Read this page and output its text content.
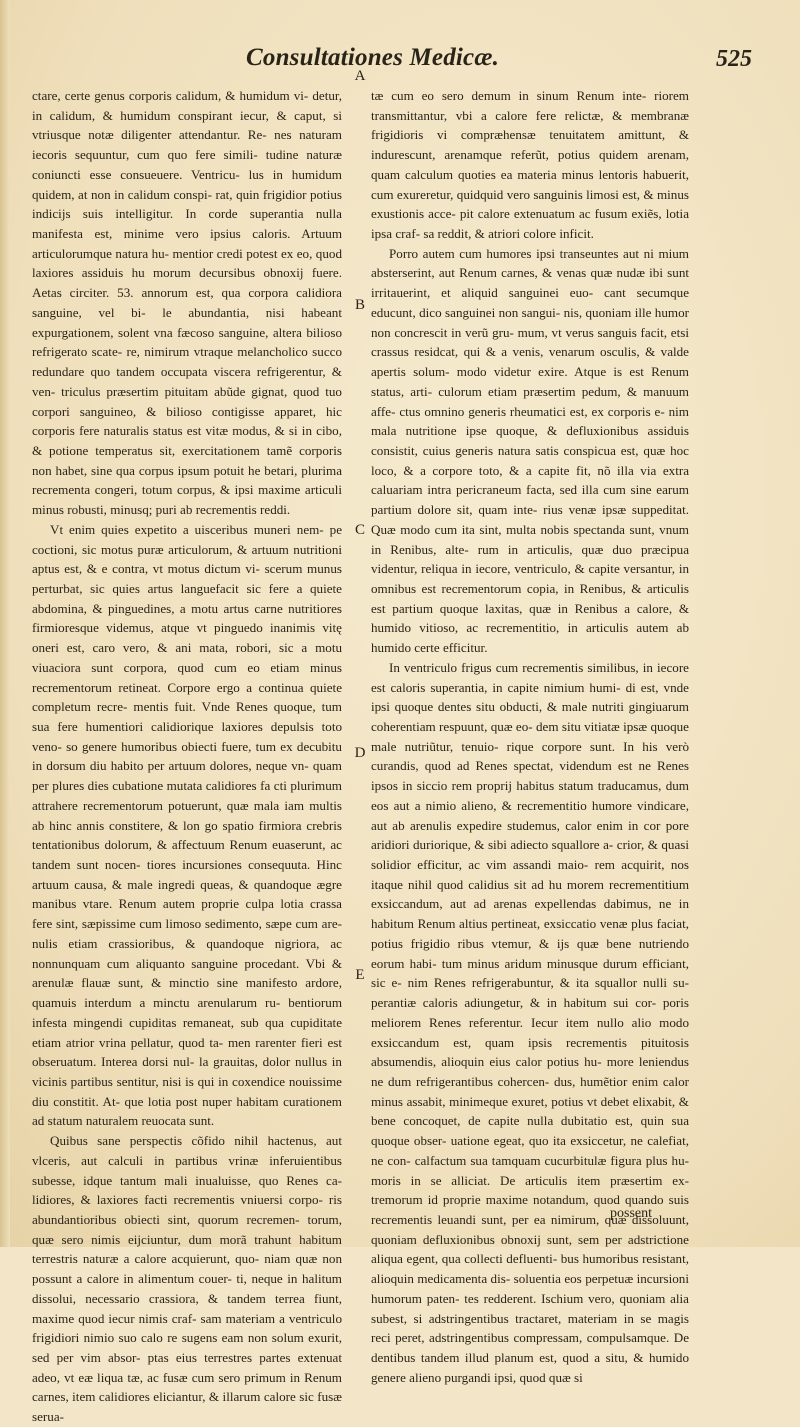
Consultationes Medicæ.	525

ctare, certe genus corporis calidum, & humidum vi- detur, in calidum, & humidum conspirant iecur, & caput, si vtriusque notæ diligenter attendantur. Re- nes naturam iecoris sequuntur, cum quo fere simili- tudine naturæ coniuncti esse consueuere. Ventricu- lus in humidum quidem, at non in calidum conspi- rat, quin frigidior potius indicijs suis intelligitur. In corde superantia nulla manifesta est, minime vero ipsius caloris. Artuum articulorumque natura hu- mentior credi potest ex eo, quod laxiores assiduis hu morum decursibus obnoxij fuere. Aetas circiter. 53. annorum est, qua corpora calidiora sanguine, vel bi- le abundantia, nisi habeant expurgationem, solent vna fæcoso sanguine, altera bilioso refrigerato scate- re, nimirum vtraque melancholico succo redundare quo tandem occupata viscera refrigerentur, & ven- triculus præsertim pituitam abũde gignat, quod tuo corpori sanguineo, & bilioso contigisse apparet, hic corporis fere naturalis status est vitæ modus, & si in cibo, & potione temperatus sit, exercitationem tamẽ corporis non habet, sine qua corpus ipsum potuit he betari, plurima recrementa congeri, totum corpus, & ipsi maxime articuli minus robusti, minusq; puri ab recrementis reddi.

Vt enim quies expetito a uisceribus muneri nem- pe coctioni, sic motus puræ articulorum, & artuum nutritioni aptus est, & e contra, vt motus dictum vi- scerum munus perturbat, sic quies artus languefacit sic fere a quiete abdomina, & pinguedines, a motu artus carne nutritiores firmioresque videmus, atque vt pinguedo inanimis vitę oneri est, caro vero, & ani mata, robori, sic a motu viuaciora sunt corpora, quod cum eo etiam minus recrementorum retineat. Corpore ergo a continua quiete completum recre- mentis fuit. Vnde Renes quoque, tum sua fere humentiori calidiorique laxiores depulsis toto veno- so genere humoribus obiecti fuere, tum ex decubitu in dorsum diu habito per artuum dolores, neque vn- quam per plures dies cubatione mutata calidiores fa cti plurimum attrahere recrementorum potuerunt, quæ mala iam multis ab hinc annis constitere, & lon go spatio firmiora crebris tentationibus dolorum, & affectuum Renum euaserunt, ac tandem sunt nocen- tiores incursiones consequuta. Hinc artuum causa, & male ingredi queas, & quandoque ægre manibus vtare. Renum autem proprie culpa lotia crassa fere sint, sæpissime cum limoso sedimento, sæpe cum are- nulis etiam crassioribus, & quandoque nigriora, ac nonnunquam cum aliquanto sanguine procedant. Vbi & arenulæ flauæ sunt, & minctio sine manifesto ardore, quamuis interdum a minctu arenularum ru- bentiorum infesta mingendi cupiditas remaneat, sub qua cupiditate etiam atrior vrina pellatur, quod ta- men rarenter fieri est obseruatum. Interea dorsi nul- la grauitas, dolor nullus in vicinis partibus sentitur, nisi is qui in coxendice nouissime diu constitit. At- que lotia post nuper habitam curationem ad statum naturalem reuocata sunt.

Quibus sane perspectis cõfido nihil hactenus, aut vlceris, aut calculi in partibus vrinæ inferuientibus subesse, idque tantum mali inualuisse, quo Renes ca- lidiores, & laxiores facti recrementis vniuersi corpo- ris abundantioribus obiecti sint, quorum recremen- torum, quæ sero nimis eijciuntur, dum morã trahunt habitum terrestris naturæ a calore acquierunt, quo- niam quæ non possunt a calore in alimentum couer- ti, neque in halitum dissolui, necessario crassiora, & tandem terrea fiunt, maxime quod iecur nimis craf- sam materiam a ventriculo frigidiori nimio suo calo re sugens eam non solum exurit, sed per vim absor- ptas eius terrestres partes extenuat adeo, vt eæ liqua tæ, ac fusæ cum sero primum in Renum carnes, item calidiores eliciantur, & illarum calore sic fusæ serua-

tæ cum eo sero demum in sinum Renum inte- riorem transmittantur, vbi a calore fere relictæ, & membranæ frigidioris vi compræhensæ tenuitatem amittunt, & indurescunt, arenamque referũt, potius quidem arenam, quam calculum quoties ea materia minus lentoris habuerit, cum exureretur, quidquid vero sanguinis limosi est, & minus exustionis acce- pit calore extenuatum ac fusum exiẽs, lotia ipsa craf- sa reddit, & atriori colore inficit.

Porro autem cum humores ipsi transeuntes aut ni mium absterserint, aut Renum carnes, & venas quæ nudæ ibi sunt irritauerint, et aliquid sanguinei euo- cant secumque educunt, dico sanguinei non sangui- nis, quoniam ille humor non concrescit in verũ gru- mum, vt verus sanguis facit, etsi crassus residcat, qui & a venis, venarum osculis, & valde apertis solum- modo videtur exire. Atque is est Renum status, arti- culorum etiam præsertim pedum, & manuum affe- ctus omnino generis rheumatici est, ex corporis e- nim mala nutritione ipse quoque, & defluxionibus assiduis consistit, cuius generis natura satis conspicua est, quæ hoc loco, & a corpore toto, & a capite fit, nõ illa via extra caluariam intra pericraneum facta, sed illa cum sine earum partium dolore sit, quam inte- rius venæ ipsæ suppeditat. Quæ modo cum ita sint, multa nobis spectanda sunt, vnum in Renibus, alte- rum in articulis, quæ duo præcipua videntur, reliqua in iecore, ventriculo, & capite versantur, in omnibus est recrementorum copia, in Renibus, & articulis est partium quoque laxitas, quæ in Renibus a calore, & humido vitioso, ac recrementitio, in articulis autem ab humido certe efficitur.

In ventriculo frigus cum recrementis similibus, in iecore est caloris superantia, in capite nimium humi- di est, vnde ipsi quoque dentes situ obducti, & male nutriti gingiuarum coherentiam respuunt, quæ eo- dem situ vitiatæ ipsæ quoque male nutriũtur, tenuio- rique corpore sunt. In his verò curandis, quod ad Renes spectat, videndum est ne Renes ipsos in siccio rem proprij habitus statum traducamus, dum eos aut a nimio alieno, & recrementitio humore vindicare, aut ab arenulis expedire studemus, calor enim in cor pore aridiori duriorique, & sibi adiecto squallore a- crior, & quasi solidior efficitur, ac vim assandi maio- rem acquirit, nos itaque nihil quod calidius sit ad hu morem recrementitium exsiccandum, aut ad arenas expellendas dabimus, ne in habitum Renum altius pertineat, exsiccatio venæ plus faciat, potius frigidio ribus vtemur, & ijs quæ bene nutriendo eorum habi- tum minus aridum minusque durum efficiant, sic e- nim Renes refrigerabuntur, & ita squallor nulli su- perantiæ caloris adiungetur, & in habitum sui cor- poris meliorem Renes referentur. Iecur item nullo alio modo exsiccandum est, quam ipsis recrementis pituitosis absumendis, alioquin eius calor potius hu- more leniendus ne dum refrigerantibus cohercen- dus, humẽtior enim calor minus assabit, minimeque exuret, potius vt debet elixabit, & bene concoquet, de capite nulla dubitatio est, quin sua quoque obser- uatione egeat, quo ita exsiccetur, ne calefiat, ne con- calfactum sua tamquam cucurbitulæ figura plus hu- moris in se alliciat. De articulis item præsertim ex- tremorum id proprie maxime notandum, quod quando suis recrementis leuandi sunt, per ea nimirum, quæ dissoluunt, quoniam defluxionibus obnoxij sunt, sem per adstrictione aliqua egent, qua collecti defluenti- bus humoribus resistant, alioquin medicamenta dis- soluentia eos perpetuæ incursioni humorum paten- tes redderent. Ischium vero, quoniam alia subest, si adstringentibus tractaret, materiam in se magis reci peret, adstringentibus compressam, compulsamque. De dentibus tandem illud planum est, quod a situ, & humido genere alieno purgandi ipsi, quod quæ si

A
B
C
D
E
possent
